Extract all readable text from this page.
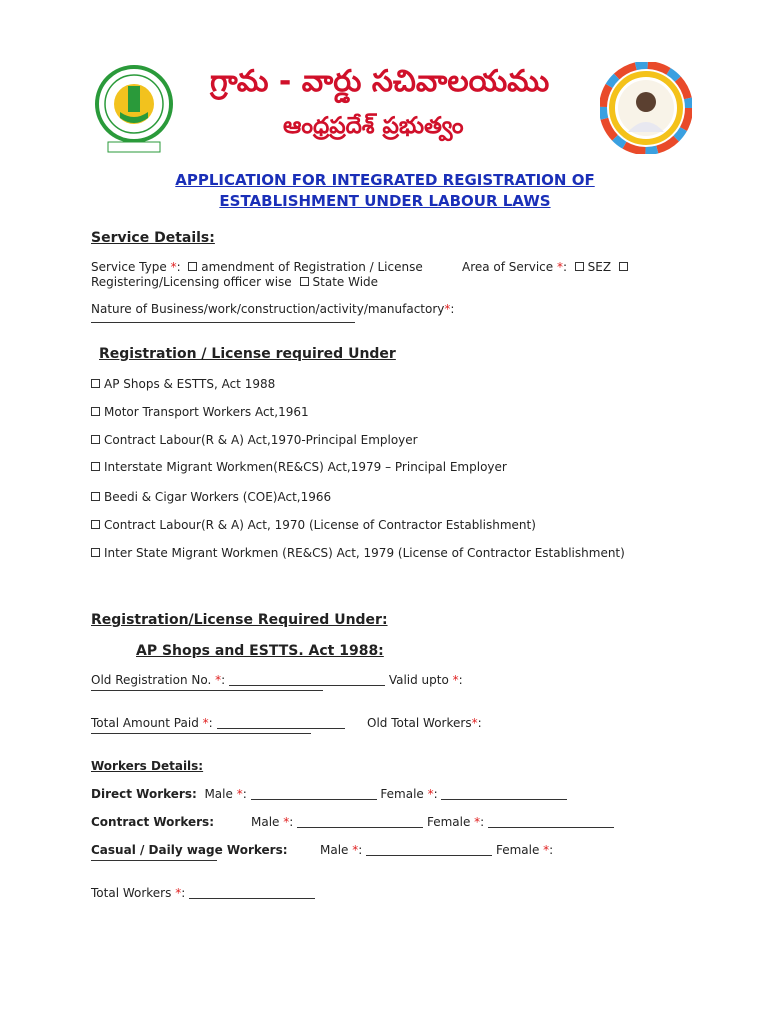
గ్రామ - వార్డు సచివాలయము
ఆంధ్రప్రదేశ్ ప్రభుత్వం
APPLICATION FOR INTEGRATED REGISTRATION OF
ESTABLISHMENT UNDER LABOUR LAWS
Service Details:
Service Type *:  amendment of Registration / License	Area of Service *:  SEZ
Registering/Licensing officer wise State Wide
Nature of Business/work/construction/activity/manufactory*:
Registration / License required Under
AP Shops & ESTTS, Act 1988
Motor Transport Workers Act,1961
Contract Labour(R & A) Act,1970-Principal Employer
Interstate Migrant Workmen(RE&CS) Act,1979 – Principal Employer
Beedi & Cigar Workers (COE)Act,1966
Contract Labour(R & A) Act, 1970 (License of Contractor Establishment)
Inter State Migrant Workmen (RE&CS) Act, 1979 (License of Contractor Establishment)
Registration/License Required Under:
AP Shops and ESTTS. Act 1988:
Old Registration No. *:	Valid upto *:
Total Amount Paid *:	Old Total Workers*:
Workers Details:
Direct Workers: Male *:	Female *:
Contract Workers:	Male *:	Female *:
Casual / Daily wage Workers:	Male *:	Female *:
Total Workers *:
